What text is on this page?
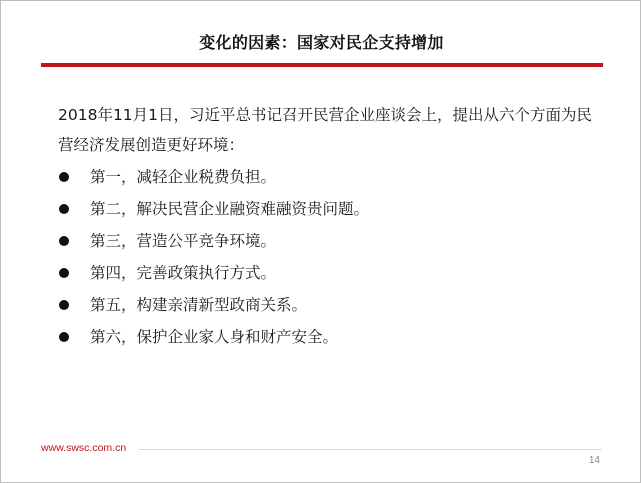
变化的因素：国家对民企支持增加
2018年11月1日，习近平总书记召开民营企业座谈会上，提出从六个方面为民营经济发展创造更好环境：
第一，减轻企业税费负担。
第二，解决民营企业融资难融资贵问题。
第三，营造公平竞争环境。
第四，完善政策执行方式。
第五，构建亲清新型政商关系。
第六，保护企业家人身和财产安全。
www.swsc.com.cn
14
